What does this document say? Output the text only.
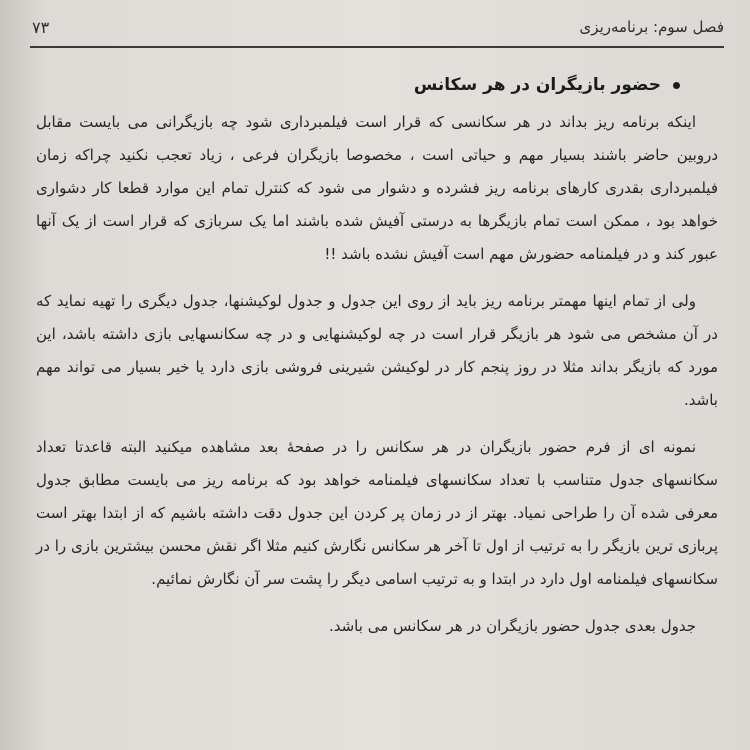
فصل سوم: برنامه‌ریزی
۷۳
حضور بازیگران در هر سکانس

اینکه برنامه ریز بداند در هر سکانسی که قرار است فیلمبرداری شود چه بازیگرانی می بایست مقابل دروبین حاضر باشند بسیار مهم و حیاتی است ، مخصوصا بازیگران فرعی ، زیاد تعجب نکنید چراکه زمان فیلمبرداری بقدری کارهای برنامه ریز فشرده و دشوار می شود که کنترل تمام این موارد قطعا کار دشواری خواهد بود ، ممکن است تمام بازیگرها به درستی آفیش شده باشند اما یک سربازی که قرار است از یک آنها عبور کند و در فیلمنامه حضورش مهم است آفیش نشده باشد !!

ولی از تمام اینها مهمتر برنامه ریز باید از روی این جدول و جدول لوکیشنها، جدول دیگری را تهیه نماید که در آن مشخص می شود هر بازیگر قرار است در چه لوکیشنهایی و در چه سکانسهایی بازی داشته باشد، این مورد که بازیگر بداند مثلا در روز پنجم کار در لوکیشن شیرینی فروشی بازی دارد یا خیر بسیار می تواند مهم باشد.

نمونه ای از فرم حضور بازیگران در هر سکانس را در صفحهٔ بعد مشاهده میکنید البته قاعدتا تعداد سکانسهای جدول متناسب با تعداد سکانسهای فیلمنامه خواهد بود که برنامه ریز می بایست مطابق جدول معرفی شده آن را طراحی نمیاد. بهتر از در زمان پر کردن این جدول دقت داشته باشیم که از ابتدا بهتر است پربازی ترین بازیگر را به ترتیب از اول تا آخر هر سکانس نگارش کنیم مثلا اگر نقش محسن بیشترین بازی را در سکانسهای فیلمنامه اول دارد در ابتدا و به ترتیب اسامی دیگر را پشت سر آن نگارش نمائیم.

جدول بعدی جدول حضور بازیگران در هر سکانس می باشد.
